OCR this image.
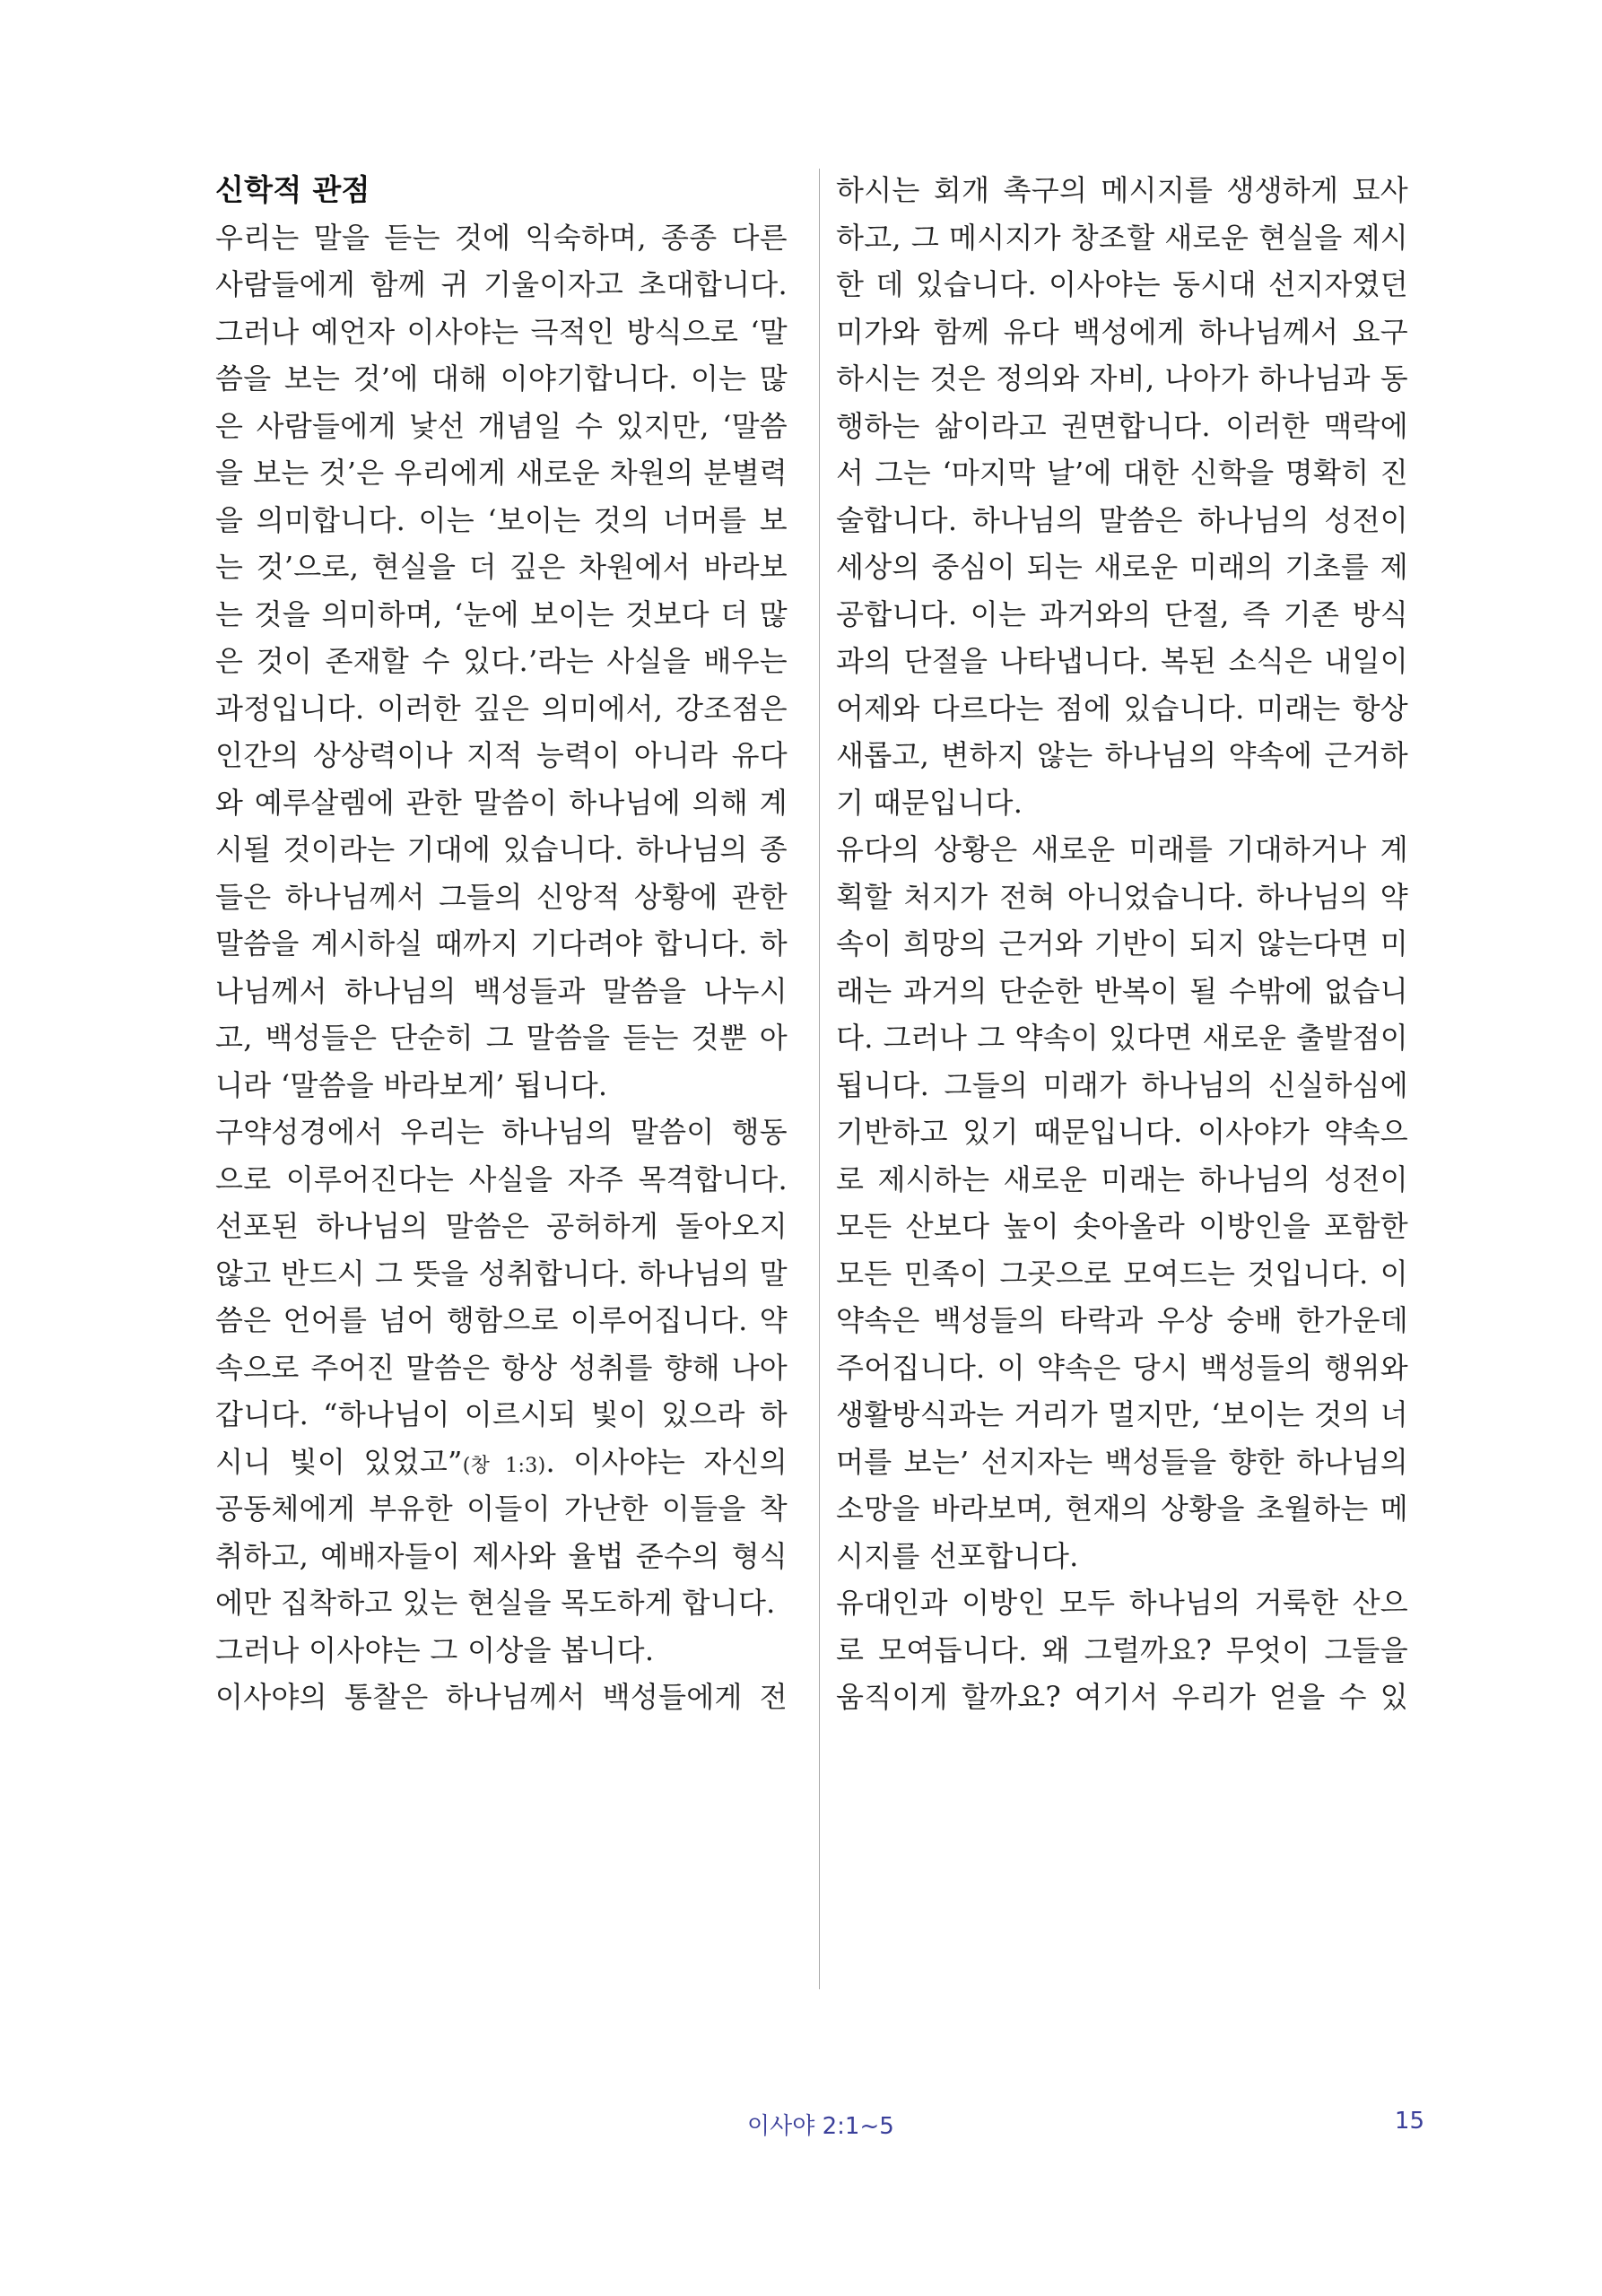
신학적 관점
우리는 말을 듣는 것에 익숙하며, 종종 다른
사람들에게 함께 귀 기울이자고 초대합니다.
그러나 예언자 이사야는 극적인 방식으로 ‘말
씀을 보는 것’에 대해 이야기합니다. 이는 많
은 사람들에게 낯선 개념일 수 있지만, ‘말씀
을 보는 것’은 우리에게 새로운 차원의 분별력
을 의미합니다. 이는 ‘보이는 것의 너머를 보
는 것’으로, 현실을 더 깊은 차원에서 바라보
는 것을 의미하며, ‘눈에 보이는 것보다 더 많
은 것이 존재할 수 있다.’라는 사실을 배우는
과정입니다. 이러한 깊은 의미에서, 강조점은
인간의 상상력이나 지적 능력이 아니라 유다
와 예루살렘에 관한 말씀이 하나님에 의해 계
시될 것이라는 기대에 있습니다. 하나님의 종
들은 하나님께서 그들의 신앙적 상황에 관한
말씀을 계시하실 때까지 기다려야 합니다. 하
나님께서 하나님의 백성들과 말씀을 나누시
고, 백성들은 단순히 그 말씀을 듣는 것뿐 아
니라 ‘말씀을 바라보게’ 됩니다.
구약성경에서 우리는 하나님의 말씀이 행동
으로 이루어진다는 사실을 자주 목격합니다.
선포된 하나님의 말씀은 공허하게 돌아오지
않고 반드시 그 뜻을 성취합니다. 하나님의 말
씀은 언어를 넘어 행함으로 이루어집니다. 약
속으로 주어진 말씀은 항상 성취를 향해 나아
갑니다. “하나님이 이르시되 빛이 있으라 하
시니 빛이 있었고”(창 1:3). 이사야는 자신의
공동체에게 부유한 이들이 가난한 이들을 착
취하고, 예배자들이 제사와 율법 준수의 형식
에만 집착하고 있는 현실을 목도하게 합니다.
그러나 이사야는 그 이상을 봅니다.
이사야의 통찰은 하나님께서 백성들에게 전
하시는 회개 촉구의 메시지를 생생하게 묘사
하고, 그 메시지가 창조할 새로운 현실을 제시
한 데 있습니다. 이사야는 동시대 선지자였던
미가와 함께 유다 백성에게 하나님께서 요구
하시는 것은 정의와 자비, 나아가 하나님과 동
행하는 삶이라고 권면합니다. 이러한 맥락에
서 그는 ‘마지막 날’에 대한 신학을 명확히 진
술합니다. 하나님의 말씀은 하나님의 성전이
세상의 중심이 되는 새로운 미래의 기초를 제
공합니다. 이는 과거와의 단절, 즉 기존 방식
과의 단절을 나타냅니다. 복된 소식은 내일이
어제와 다르다는 점에 있습니다. 미래는 항상
새롭고, 변하지 않는 하나님의 약속에 근거하
기 때문입니다.
유다의 상황은 새로운 미래를 기대하거나 계
획할 처지가 전혀 아니었습니다. 하나님의 약
속이 희망의 근거와 기반이 되지 않는다면 미
래는 과거의 단순한 반복이 될 수밖에 없습니
다. 그러나 그 약속이 있다면 새로운 출발점이
됩니다. 그들의 미래가 하나님의 신실하심에
기반하고 있기 때문입니다. 이사야가 약속으
로 제시하는 새로운 미래는 하나님의 성전이
모든 산보다 높이 솟아올라 이방인을 포함한
모든 민족이 그곳으로 모여드는 것입니다. 이
약속은 백성들의 타락과 우상 숭배 한가운데
주어집니다. 이 약속은 당시 백성들의 행위와
생활방식과는 거리가 멀지만, ‘보이는 것의 너
머를 보는’ 선지자는 백성들을 향한 하나님의
소망을 바라보며, 현재의 상황을 초월하는 메
시지를 선포합니다.
유대인과 이방인 모두 하나님의 거룩한 산으
로 모여듭니다. 왜 그럴까요? 무엇이 그들을
움직이게 할까요? 여기서 우리가 얻을 수 있
이사야 2:1~5	15
